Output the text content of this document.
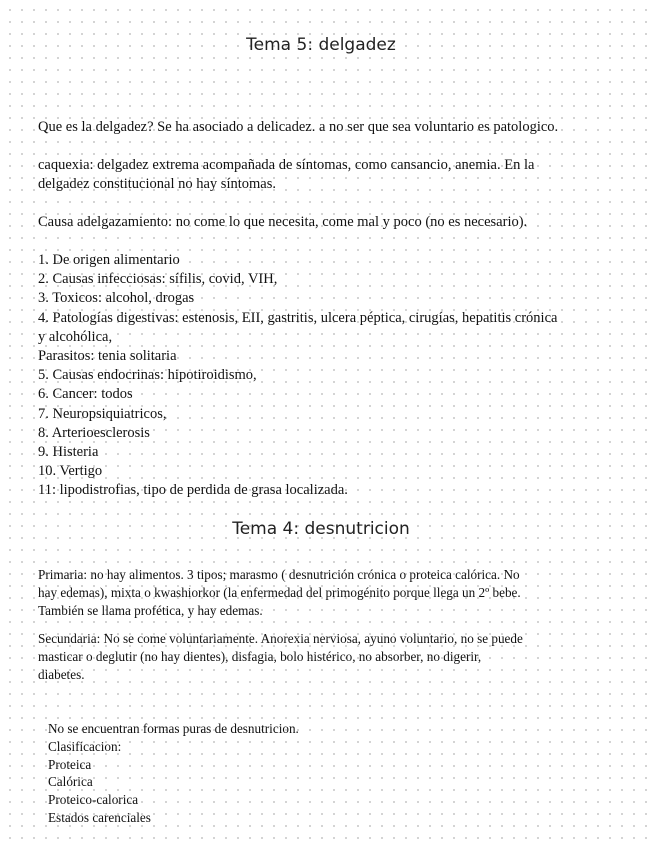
Tema 5: delgadez

Que es la delgadez? Se ha asociado a delicadez. a no ser que sea voluntario es patologico.

caquexia: delgadez extrema acompañada de síntomas, como cansancio, anemia. En la
delgadez constitucional no hay síntomas.

Causa adelgazamiento: no come lo que necesita, come mal y poco (no es necesario).

1. De origen alimentario
2. Causas infecciosas: sífilis, covid, VIH,
3. Toxicos: alcohol, drogas
4. Patologías digestivas: estenosis, EII, gastritis, ulcera péptica, cirugías, hepatitis crónica
y alcohólica,
Parasitos: tenia solitaria
5. Causas endocrinas: hipotiroidismo,
6. Cancer: todos
7. Neuropsiquiatricos,
8. Arterioesclerosis
9. Histeria
10. Vertigo
11: lipodistrofias, tipo de perdida de grasa localizada.
Tema 4: desnutricion
Primaria: no hay alimentos. 3 tipos; marasmo ( desnutrición crónica o proteica calórica. No
hay edemas), mixta o kwashiorkor (la enfermedad del primogénito porque llega un 2º bebe.
También se llama profética, y hay edemas.
Secundaria: No se come voluntariamente. Anorexia nerviosa, ayuno voluntario, no se puede
masticar o deglutir (no hay dientes), disfagia, bolo histérico, no absorber, no digerir,
diabetes.
No se encuentran formas puras de desnutricion.
Clasificacion:
Proteica
Calórica
Proteico-calorica
Estados carenciales
